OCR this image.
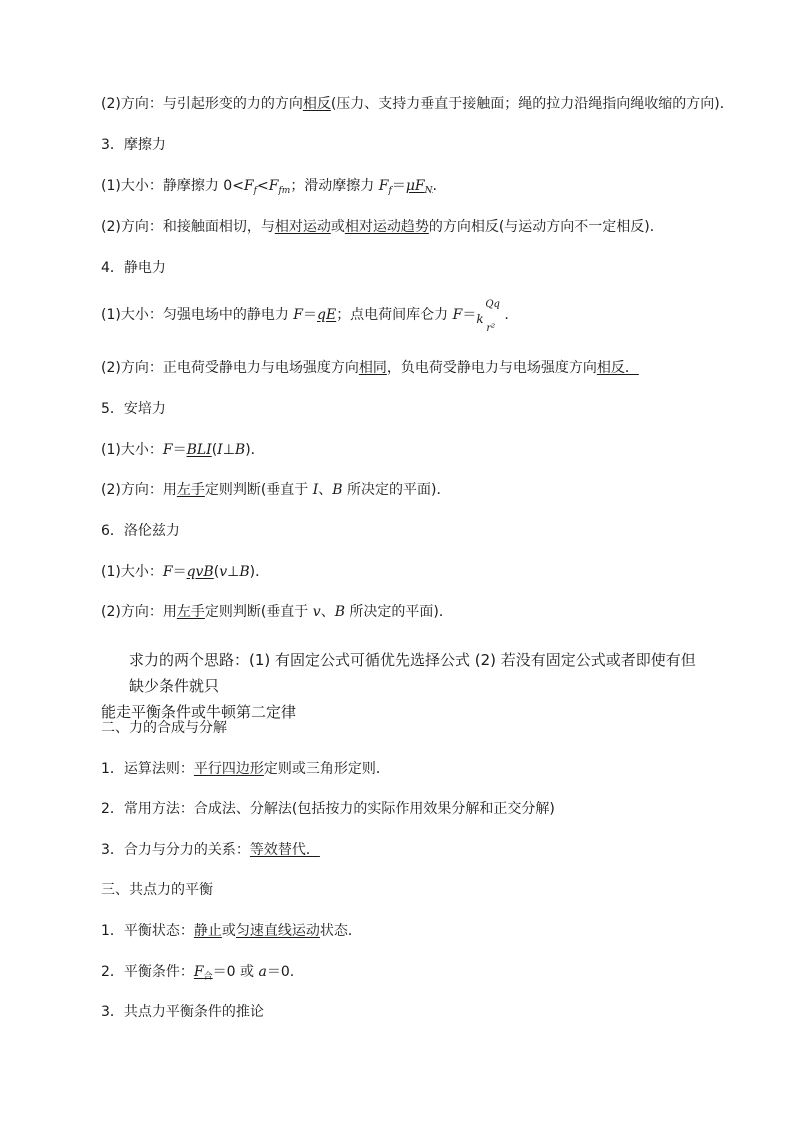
(2)方向：与引起形变的力的方向相反(压力、支持力垂直于接触面；绳的拉力沿绳指向绳收缩的方向)．
3．摩擦力
(1)大小：静摩擦力 $0<F_f<F_{fm}$；滑动摩擦力 $F_f=\mu F_N$.
(2)方向：和接触面相切，与相对运动或相对运动趋势的方向相反(与运动方向不一定相反)．
4．静电力
(1)大小：匀强电场中的静电力 F＝qE；点电荷间库仑力 F＝ k
Qq
r²
.
(2)方向：正电荷受静电力与电场强度方向相同，负电荷受静电力与电场强度方向相反．
5．安培力
(1)大小：F＝BLI(I⊥B)．
(2)方向：用左手定则判断(垂直于 I、B 所决定的平面)．
6．洛伦兹力
(1)大小：F＝qvB(v⊥B)．
(2)方向：用左手定则判断(垂直于 v、B 所决定的平面)．
求力的两个思路：(1) 有固定公式可循优先选择公式 (2) 若没有固定公式或者即使有但缺少条件就只
能走平衡条件或牛顿第二定律
二、力的合成与分解
1．运算法则：平行四边形定则或三角形定则．
2．常用方法：合成法、分解法(包括按力的实际作用效果分解和正交分解)
3．合力与分力的关系：等效替代．
三、共点力的平衡
1．平衡状态：静止或匀速直线运动状态．
2．平衡条件：$F_合=0$ 或 a＝0.
3．共点力平衡条件的推论
